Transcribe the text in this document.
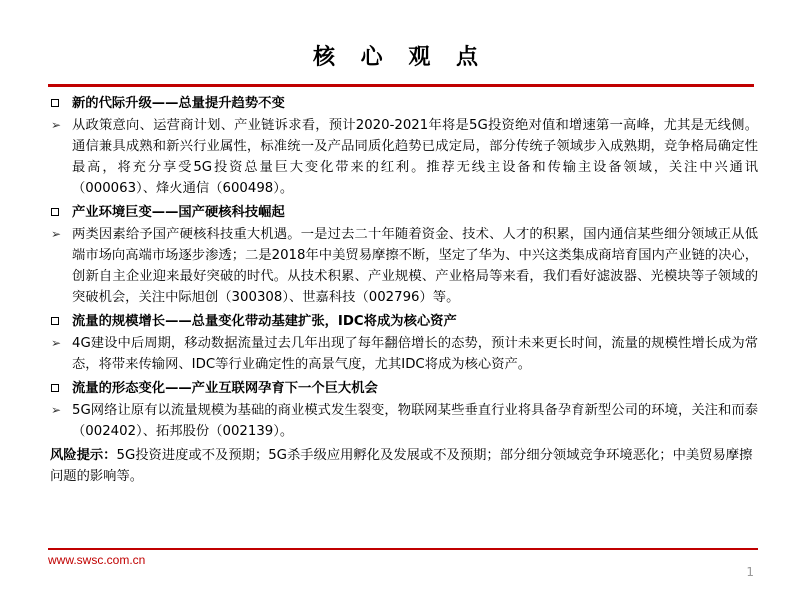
核 心 观 点
新的代际升级——总量提升趋势不变
➢ 从政策意向、运营商计划、产业链诉求看，预计2020-2021年将是5G投资绝对值和增速第一高峰，尤其是无线侧。通信兼具成熟和新兴行业属性，标准统一及产品同质化趋势已成定局，部分传统子领域步入成熟期，竞争格局确定性最高，将充分享受5G投资总量巨大变化带来的红利。推荐无线主设备和传输主设备领域，关注中兴通讯（000063）、烽火通信（600498）。
产业环境巨变——国产硬核科技崛起
➢ 两类因素给予国产硬核科技重大机遇。一是过去二十年随着资金、技术、人才的积累，国内通信某些细分领域正从低端市场向高端市场逐步渗透；二是2018年中美贸易摩擦不断，坚定了华为、中兴这类集成商培育国内产业链的决心，创新自主企业迎来最好突破的时代。从技术积累、产业规模、产业格局等来看，我们看好滤波器、光模块等子领域的突破机会，关注中际旭创（300308）、世嘉科技（002796）等。
流量的规模增长——总量变化带动基建扩张，IDC将成为核心资产
➢ 4G建设中后周期，移动数据流量过去几年出现了每年翻倍增长的态势，预计未来更长时间，流量的规模性增长成为常态，将带来传输网、IDC等行业确定性的高景气度，尤其IDC将成为核心资产。
流量的形态变化——产业互联网孕育下一个巨大机会
➢ 5G网络让原有以流量规模为基础的商业模式发生裂变，物联网某些垂直行业将具备孕育新型公司的环境，关注和而泰（002402）、拓邦股份（002139）。
风险提示：5G投资进度或不及预期；5G杀手级应用孵化及发展或不及预期；部分细分领域竞争环境恶化；中美贸易摩擦问题的影响等。
www.swsc.com.cn
1
